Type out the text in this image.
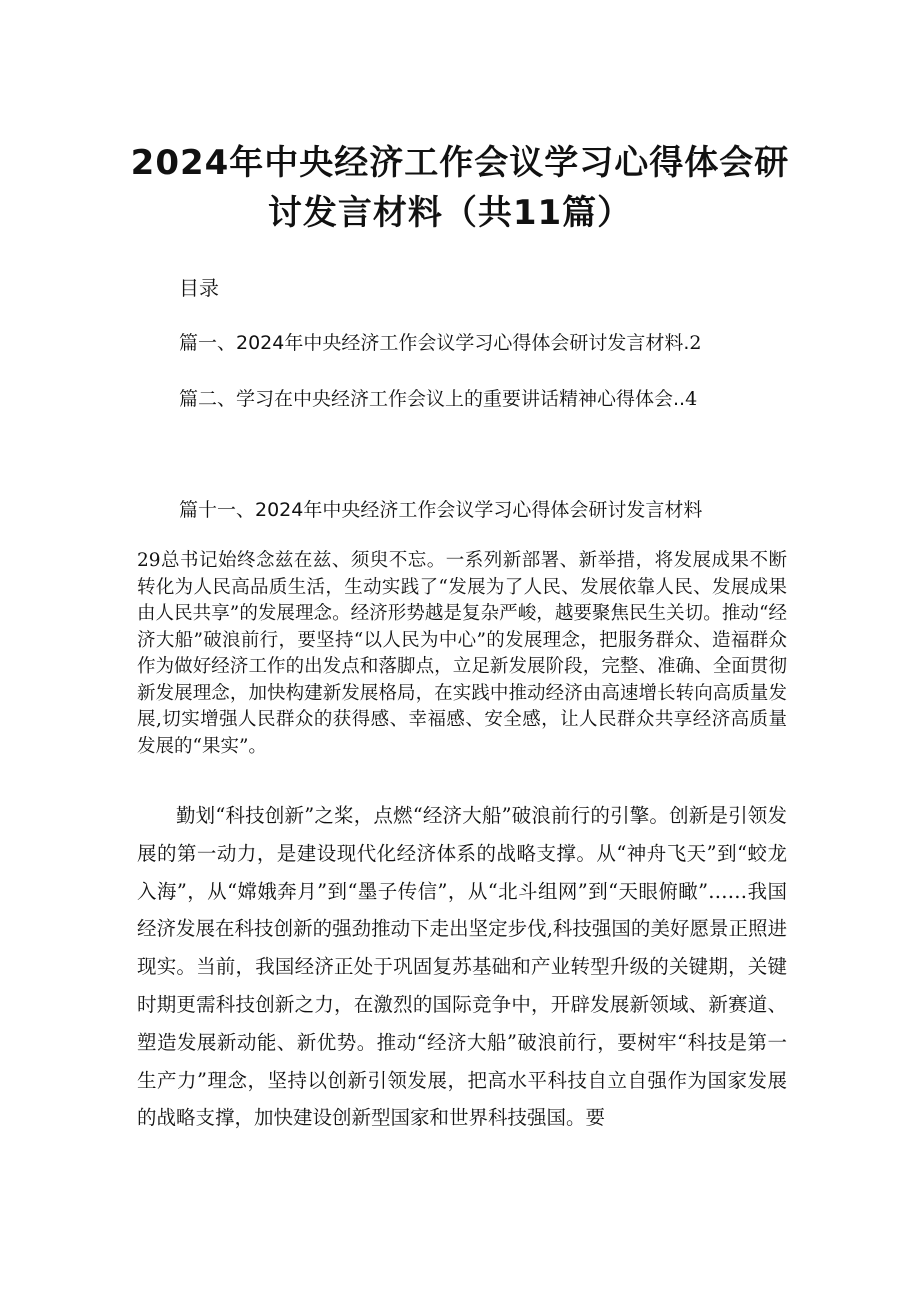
2024年中央经济工作会议学习心得体会研
讨发言材料（共11篇）
目录
篇一、2024年中央经济工作会议学习心得体会研讨发言材料.2
篇二、学习在中央经济工作会议上的重要讲话精神心得体会..4
篇十一、2024年中央经济工作会议学习心得体会研讨发言材料
29总书记始终念兹在兹、须臾不忘。一系列新部署、新举措，将发展成果不断转化为人民高品质生活，生动实践了“发展为了人民、发展依靠人民、发展成果由人民共享”的发展理念。经济形势越是复杂严峻，越要聚焦民生关切。推动“经济大船”破浪前行，要坚持“以人民为中心”的发展理念，把服务群众、造福群众作为做好经济工作的出发点和落脚点，立足新发展阶段，完整、准确、全面贯彻新发展理念，加快构建新发展格局，在实践中推动经济由高速增长转向高质量发展,切实增强人民群众的获得感、幸福感、安全感，让人民群众共享经济高质量发展的“果实”。
勤划“科技创新”之桨，点燃“经济大船”破浪前行的引擎。创新是引领发展的第一动力，是建设现代化经济体系的战略支撑。从“神舟飞天”到“蛟龙入海”，从“嫦娥奔月”到“墨子传信”，从“北斗组网”到“天眼俯瞰”……我国经济发展在科技创新的强劲推动下走出坚定步伐,科技强国的美好愿景正照进现实。当前，我国经济正处于巩固复苏基础和产业转型升级的关键期，关键时期更需科技创新之力，在激烈的国际竞争中，开辟发展新领域、新赛道、塑造发展新动能、新优势。推动“经济大船”破浪前行，要树牢“科技是第一生产力”理念，坚持以创新引领发展，把高水平科技自立自强作为国家发展的战略支撑，加快建设创新型国家和世界科技强国。要
